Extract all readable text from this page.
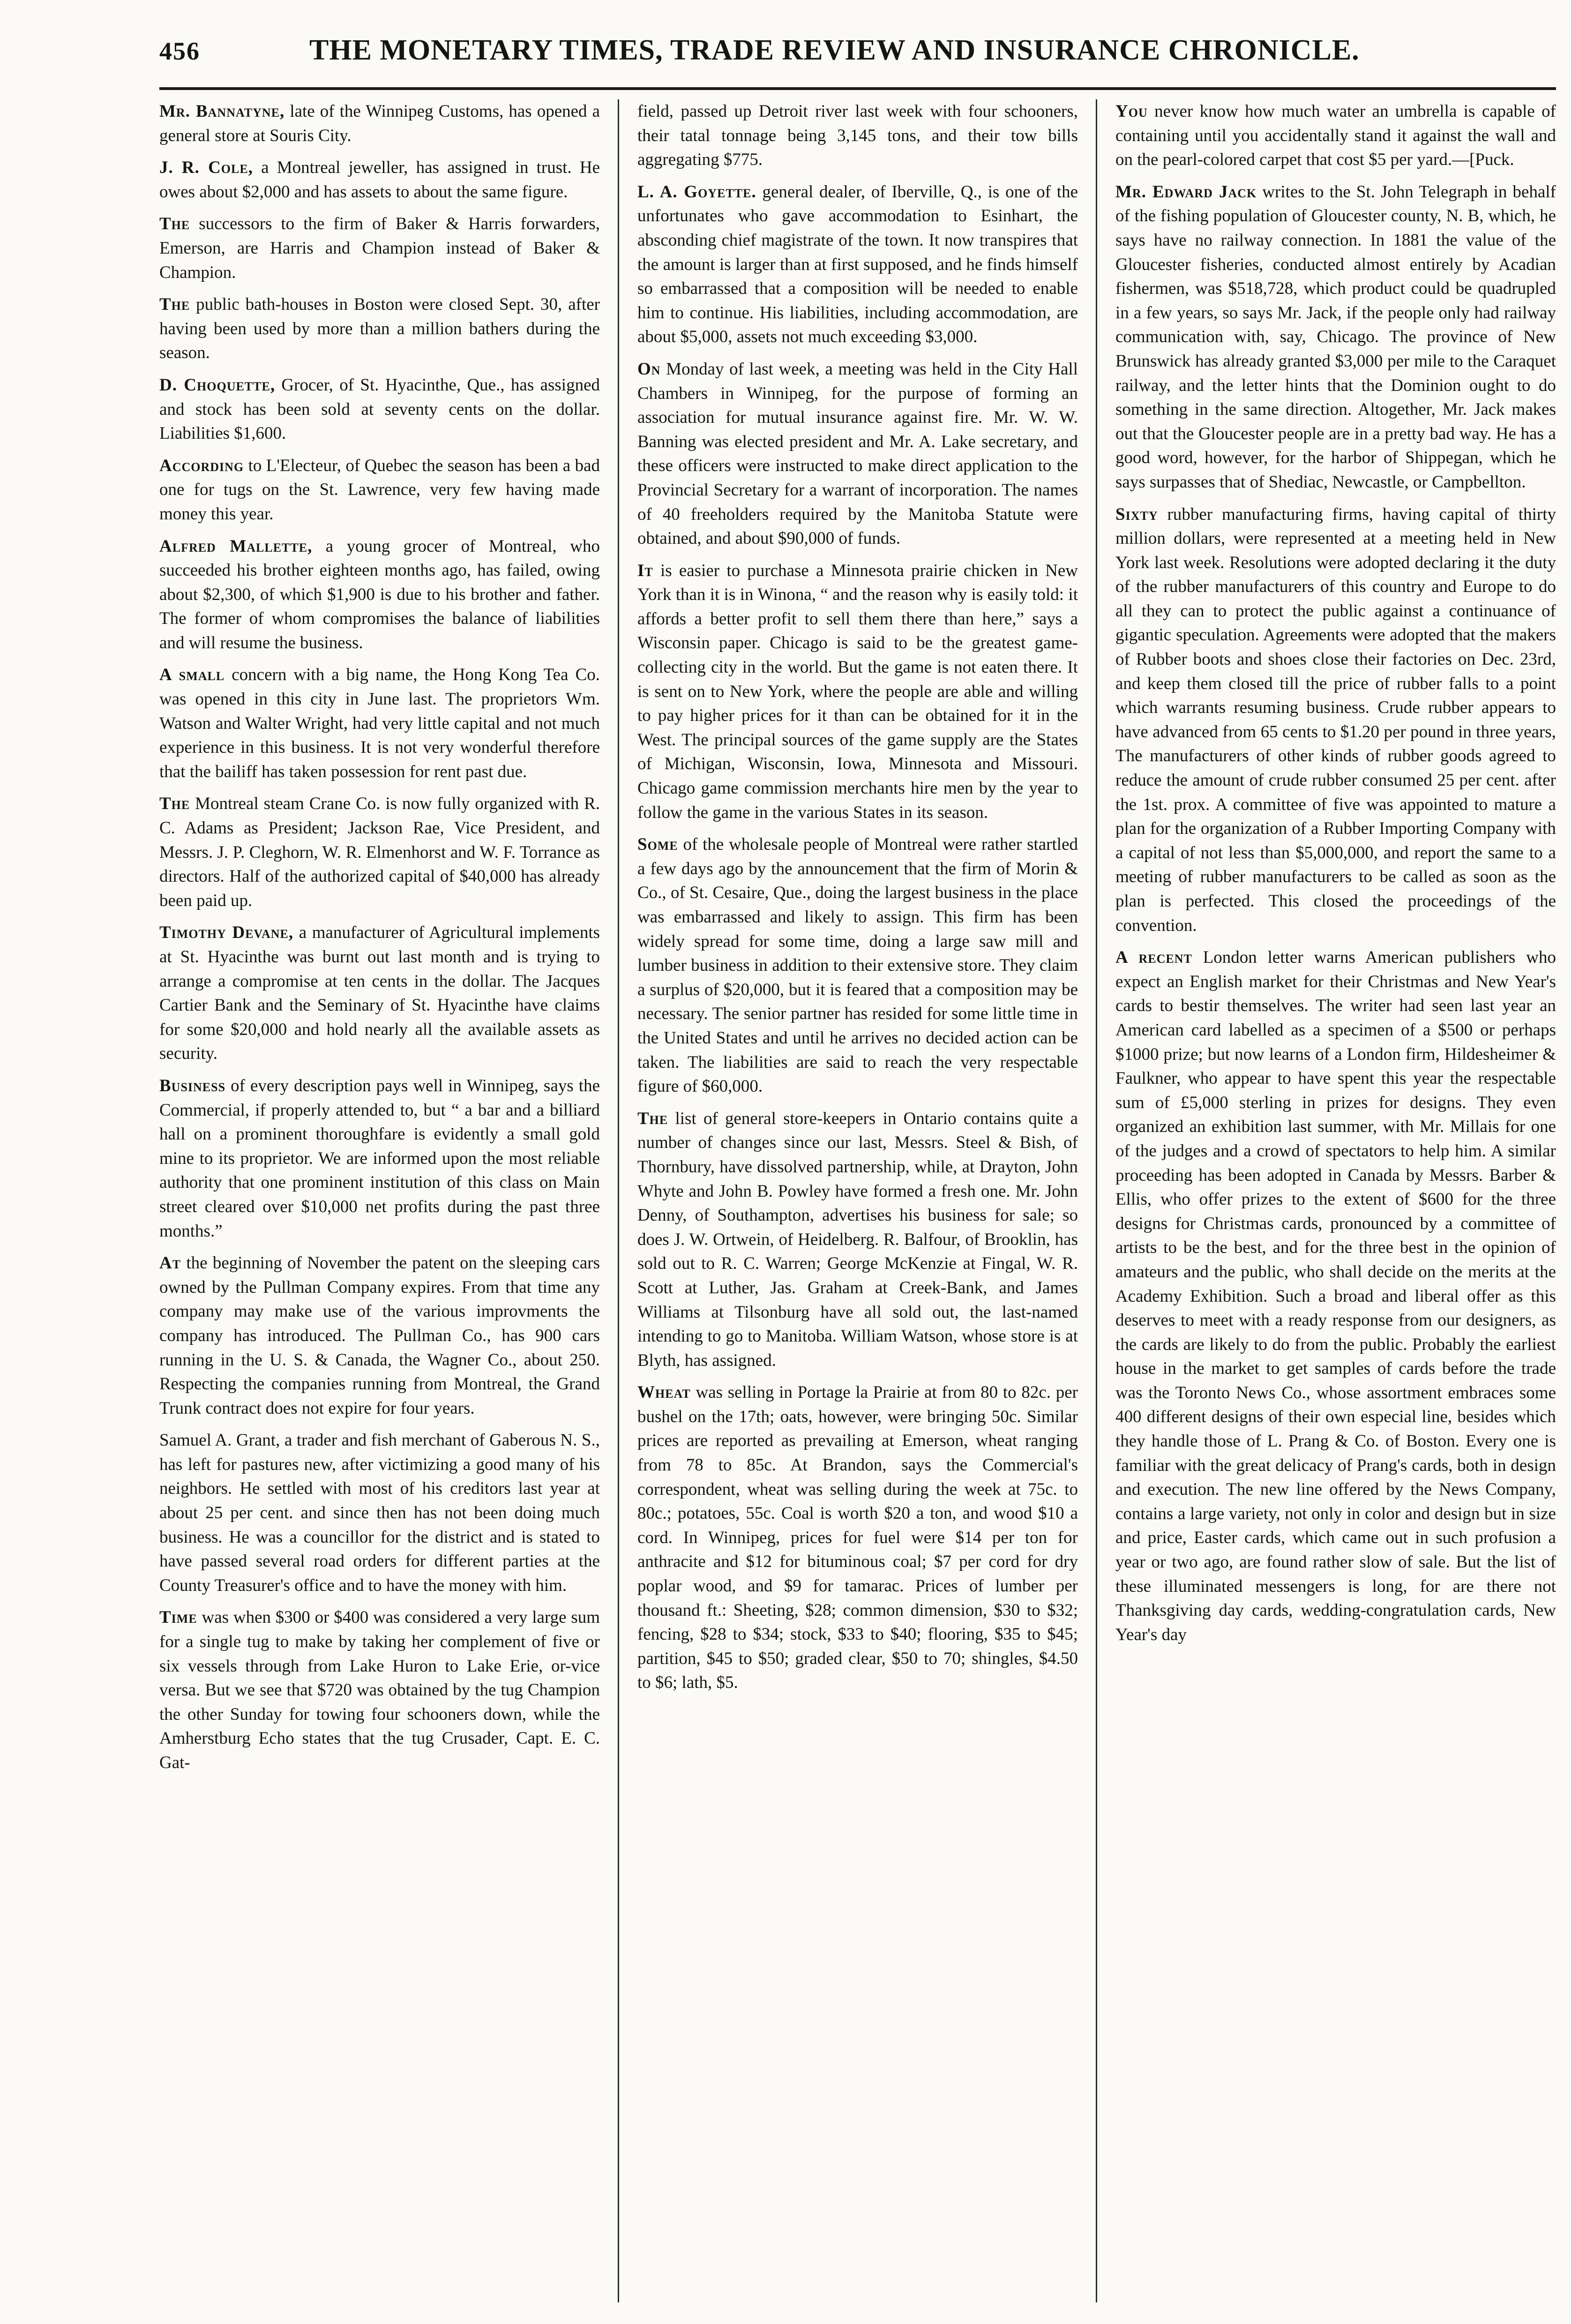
456	THE MONETARY TIMES, TRADE REVIEW AND INSURANCE CHRONICLE.

Mr. Bannatyne, late of the Winnipeg Customs, has opened a general store at Souris City.

J. R. Cole, a Montreal jeweller, has assigned in trust. He owes about $2,000 and has assets to about the same figure.

The successors to the firm of Baker & Harris forwarders, Emerson, are Harris and Champion instead of Baker & Champion.

The public bath-houses in Boston were closed Sept. 30, after having been used by more than a million bathers during the season.

D. Choquette, Grocer, of St. Hyacinthe, Que., has assigned and stock has been sold at seventy cents on the dollar. Liabilities $1,600.

According to L'Electeur, of Quebec the season has been a bad one for tugs on the St. Lawrence, very few having made money this year.

Alfred Mallette, a young grocer of Montreal, who succeeded his brother eighteen months ago, has failed, owing about $2,300, of which $1,900 is due to his brother and father. The former of whom compromises the balance of liabilities and will resume the business.

A small concern with a big name, the Hong Kong Tea Co. was opened in this city in June last. The proprietors Wm. Watson and Walter Wright, had very little capital and not much experience in this business. It is not very wonderful therefore that the bailiff has taken possession for rent past due.

The Montreal steam Crane Co. is now fully organized with R. C. Adams as President; Jackson Rae, Vice President, and Messrs. J. P. Cleghorn, W. R. Elmenhorst and W. F. Torrance as directors. Half of the authorized capital of $40,000 has already been paid up.

Timothy Devane, a manufacturer of Agricultural implements at St. Hyacinthe was burnt out last month and is trying to arrange a compromise at ten cents in the dollar. The Jacques Cartier Bank and the Seminary of St. Hyacinthe have claims for some $20,000 and hold nearly all the available assets as security.

Business of every description pays well in Winnipeg, says the Commercial, if properly attended to, but “ a bar and a billiard hall on a prominent thoroughfare is evidently a small gold mine to its proprietor. We are informed upon the most reliable authority that one prominent institution of this class on Main street cleared over $10,000 net profits during the past three months.”

At the beginning of November the patent on the sleeping cars owned by the Pullman Company expires. From that time any company may make use of the various improvments the company has introduced. The Pullman Co., has 900 cars running in the U. S. & Canada, the Wagner Co., about 250. Respecting the companies running from Montreal, the Grand Trunk contract does not expire for four years.

Samuel A. Grant, a trader and fish merchant of Gaberous N. S., has left for pastures new, after victimizing a good many of his neighbors. He settled with most of his creditors last year at about 25 per cent. and since then has not been doing much business. He was a councillor for the district and is stated to have passed several road orders for different parties at the County Treasurer's office and to have the money with him.

Time was when $300 or $400 was considered a very large sum for a single tug to make by taking her complement of five or six vessels through from Lake Huron to Lake Erie, or-vice versa. But we see that $720 was obtained by the tug Champion the other Sunday for towing four schooners down, while the Amherstburg Echo states that the tug Crusader, Capt. E. C. Gat-

field, passed up Detroit river last week with four schooners, their tatal tonnage being 3,145 tons, and their tow bills aggregating $775.

L. A. Goyette. general dealer, of Iberville, Q., is one of the unfortunates who gave accommodation to Esinhart, the absconding chief magistrate of the town. It now transpires that the amount is larger than at first supposed, and he finds himself so embarrassed that a composition will be needed to enable him to continue. His liabilities, including accommodation, are about $5,000, assets not much exceeding $3,000.

On Monday of last week, a meeting was held in the City Hall Chambers in Winnipeg, for the purpose of forming an association for mutual insurance against fire. Mr. W. W. Banning was elected president and Mr. A. Lake secretary, and these officers were instructed to make direct application to the Provincial Secretary for a warrant of incorporation. The names of 40 freeholders required by the Manitoba Statute were obtained, and about $90,000 of funds.

It is easier to purchase a Minnesota prairie chicken in New York than it is in Winona, “ and the reason why is easily told: it affords a better profit to sell them there than here,” says a Wisconsin paper. Chicago is said to be the greatest game-collecting city in the world. But the game is not eaten there. It is sent on to New York, where the people are able and willing to pay higher prices for it than can be obtained for it in the West. The principal sources of the game supply are the States of Michigan, Wisconsin, Iowa, Minnesota and Missouri. Chicago game commission merchants hire men by the year to follow the game in the various States in its season.

Some of the wholesale people of Montreal were rather startled a few days ago by the announcement that the firm of Morin & Co., of St. Cesaire, Que., doing the largest business in the place was embarrassed and likely to assign. This firm has been widely spread for some time, doing a large saw mill and lumber business in addition to their extensive store. They claim a surplus of $20,000, but it is feared that a composition may be necessary. The senior partner has resided for some little time in the United States and until he arrives no decided action can be taken. The liabilities are said to reach the very respectable figure of $60,000.

The list of general store-keepers in Ontario contains quite a number of changes since our last, Messrs. Steel & Bish, of Thornbury, have dissolved partnership, while, at Drayton, John Whyte and John B. Powley have formed a fresh one. Mr. John Denny, of Southampton, advertises his business for sale; so does J. W. Ortwein, of Heidelberg. R. Balfour, of Brooklin, has sold out to R. C. Warren; George McKenzie at Fingal, W. R. Scott at Luther, Jas. Graham at Creek-Bank, and James Williams at Tilsonburg have all sold out, the last-named intending to go to Manitoba. William Watson, whose store is at Blyth, has assigned.

Wheat was selling in Portage la Prairie at from 80 to 82c. per bushel on the 17th; oats, however, were bringing 50c. Similar prices are reported as prevailing at Emerson, wheat ranging from 78 to 85c. At Brandon, says the Commercial's correspondent, wheat was selling during the week at 75c. to 80c.; potatoes, 55c. Coal is worth $20 a ton, and wood $10 a cord. In Winnipeg, prices for fuel were $14 per ton for anthracite and $12 for bituminous coal; $7 per cord for dry poplar wood, and $9 for tamarac. Prices of lumber per thousand ft.: Sheeting, $28; common dimension, $30 to $32; fencing, $28 to $34; stock, $33 to $40; flooring, $35 to $45; partition, $45 to $50; graded clear, $50 to 70; shingles, $4.50 to $6; lath, $5.

You never know how much water an umbrella is capable of containing until you accidentally stand it against the wall and on the pearl-colored carpet that cost $5 per yard.—[Puck.

Mr. Edward Jack writes to the St. John Telegraph in behalf of the fishing population of Gloucester county, N. B, which, he says have no railway connection. In 1881 the value of the Gloucester fisheries, conducted almost entirely by Acadian fishermen, was $518,728, which product could be quadrupled in a few years, so says Mr. Jack, if the people only had railway communication with, say, Chicago. The province of New Brunswick has already granted $3,000 per mile to the Caraquet railway, and the letter hints that the Dominion ought to do something in the same direction. Altogether, Mr. Jack makes out that the Gloucester people are in a pretty bad way. He has a good word, however, for the harbor of Shippegan, which he says surpasses that of Shediac, Newcastle, or Campbellton.

Sixty rubber manufacturing firms, having capital of thirty million dollars, were represented at a meeting held in New York last week. Resolutions were adopted declaring it the duty of the rubber manufacturers of this country and Europe to do all they can to protect the public against a continuance of gigantic speculation. Agreements were adopted that the makers of Rubber boots and shoes close their factories on Dec. 23rd, and keep them closed till the price of rubber falls to a point which warrants resuming business. Crude rubber appears to have advanced from 65 cents to $1.20 per pound in three years, The manufacturers of other kinds of rubber goods agreed to reduce the amount of crude rubber consumed 25 per cent. after the 1st. prox. A committee of five was appointed to mature a plan for the organization of a Rubber Importing Company with a capital of not less than $5,000,000, and report the same to a meeting of rubber manufacturers to be called as soon as the plan is perfected. This closed the proceedings of the convention.

A recent London letter warns American publishers who expect an English market for their Christmas and New Year's cards to bestir themselves. The writer had seen last year an American card labelled as a specimen of a $500 or perhaps $1000 prize; but now learns of a London firm, Hildesheimer & Faulkner, who appear to have spent this year the respectable sum of £5,000 sterling in prizes for designs. They even organized an exhibition last summer, with Mr. Millais for one of the judges and a crowd of spectators to help him. A similar proceeding has been adopted in Canada by Messrs. Barber & Ellis, who offer prizes to the extent of $600 for the three designs for Christmas cards, pronounced by a committee of artists to be the best, and for the three best in the opinion of amateurs and the public, who shall decide on the merits at the Academy Exhibition. Such a broad and liberal offer as this deserves to meet with a ready response from our designers, as the cards are likely to do from the public. Probably the earliest house in the market to get samples of cards before the trade was the Toronto News Co., whose assortment embraces some 400 different designs of their own especial line, besides which they handle those of L. Prang & Co. of Boston. Every one is familiar with the great delicacy of Prang's cards, both in design and execution. The new line offered by the News Company, contains a large variety, not only in color and design but in size and price, Easter cards, which came out in such profusion a year or two ago, are found rather slow of sale. But the list of these illuminated messengers is long, for are there not Thanksgiving day cards, wedding-congratulation cards, New Year's day
